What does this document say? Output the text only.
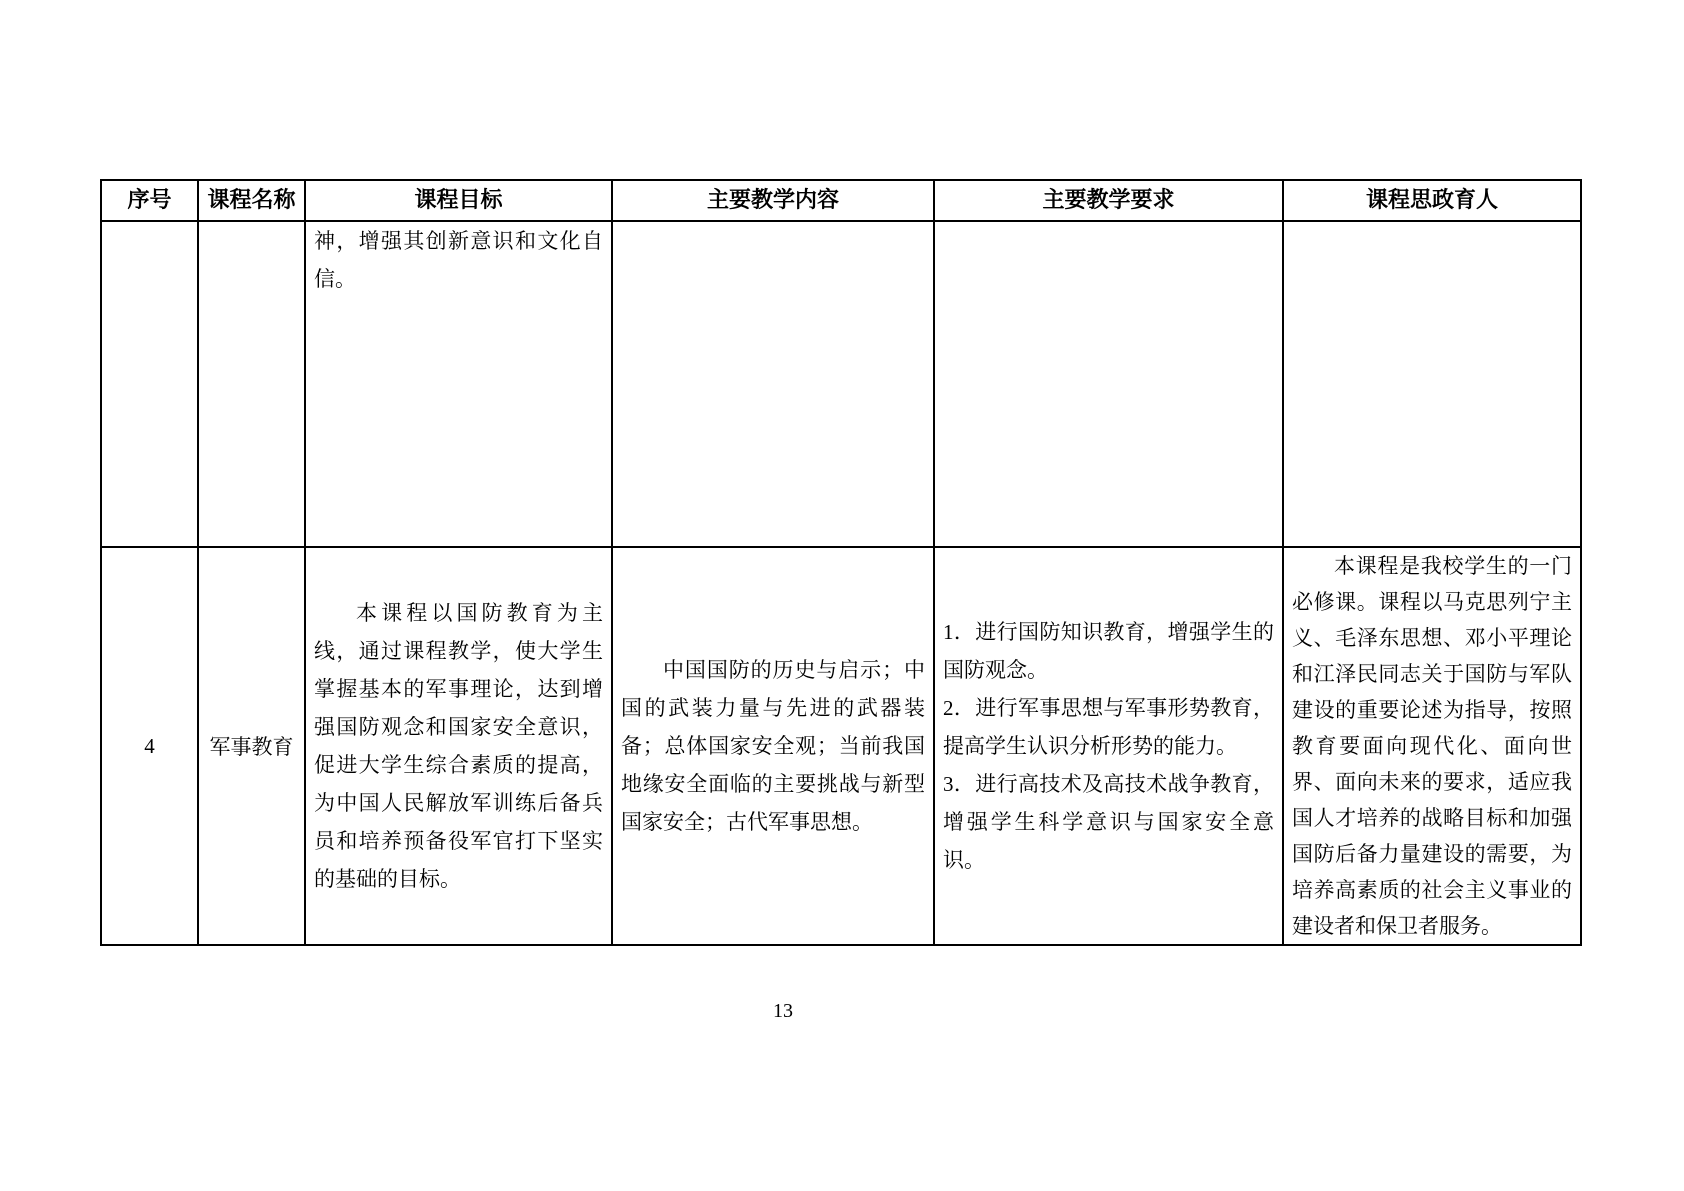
序号	课程名称	课程目标	主要教学内容	主要教学要求	课程思政育人

		神，增强其创新意识和文化自信。			

4	军事教育	本课程以国防教育为主线，通过课程教学，使大学生掌握基本的军事理论，达到增强国防观念和国家安全意识，促进大学生综合素质的提高，为中国人民解放军训练后备兵员和培养预备役军官打下坚实的基础的目标。	中国国防的历史与启示；中国的武装力量与先进的武器装备；总体国家安全观；当前我国地缘安全面临的主要挑战与新型国家安全；古代军事思想。	1．进行国防知识教育，增强学生的国防观念。

2．进行军事思想与军事形势教育，提高学生认识分析形势的能力。

3．进行高技术及高技术战争教育，增强学生科学意识与国家安全意识。	本课程是我校学生的一门必修课。课程以马克思列宁主义、毛泽东思想、邓小平理论和江泽民同志关于国防与军队建设的重要论述为指导，按照教育要面向现代化、面向世界、面向未来的要求，适应我国人才培养的战略目标和加强国防后备力量建设的需要，为培养高素质的社会主义事业的建设者和保卫者服务。

13
